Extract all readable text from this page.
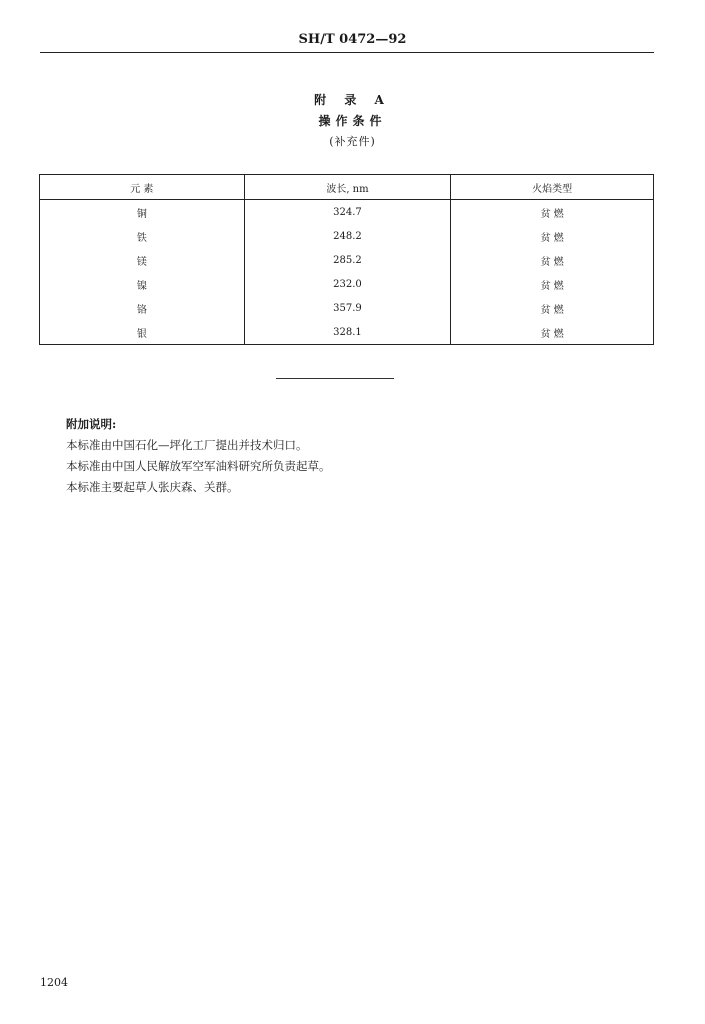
SH/T 0472—92
附 录 A
操作条件
(补充件)
元 素	波长, nm	火焰类型
铜	324.7	贫 燃
铁	248.2	贫 燃
镁	285.2	贫 燃
镍	232.0	贫 燃
铬	357.9	贫 燃
银	328.1	贫 燃
附加说明:
本标准由中国石化—坪化工厂提出并技术归口。
本标准由中国人民解放军空军油料研究所负责起草。
本标准主要起草人张庆森、关群。
1204
